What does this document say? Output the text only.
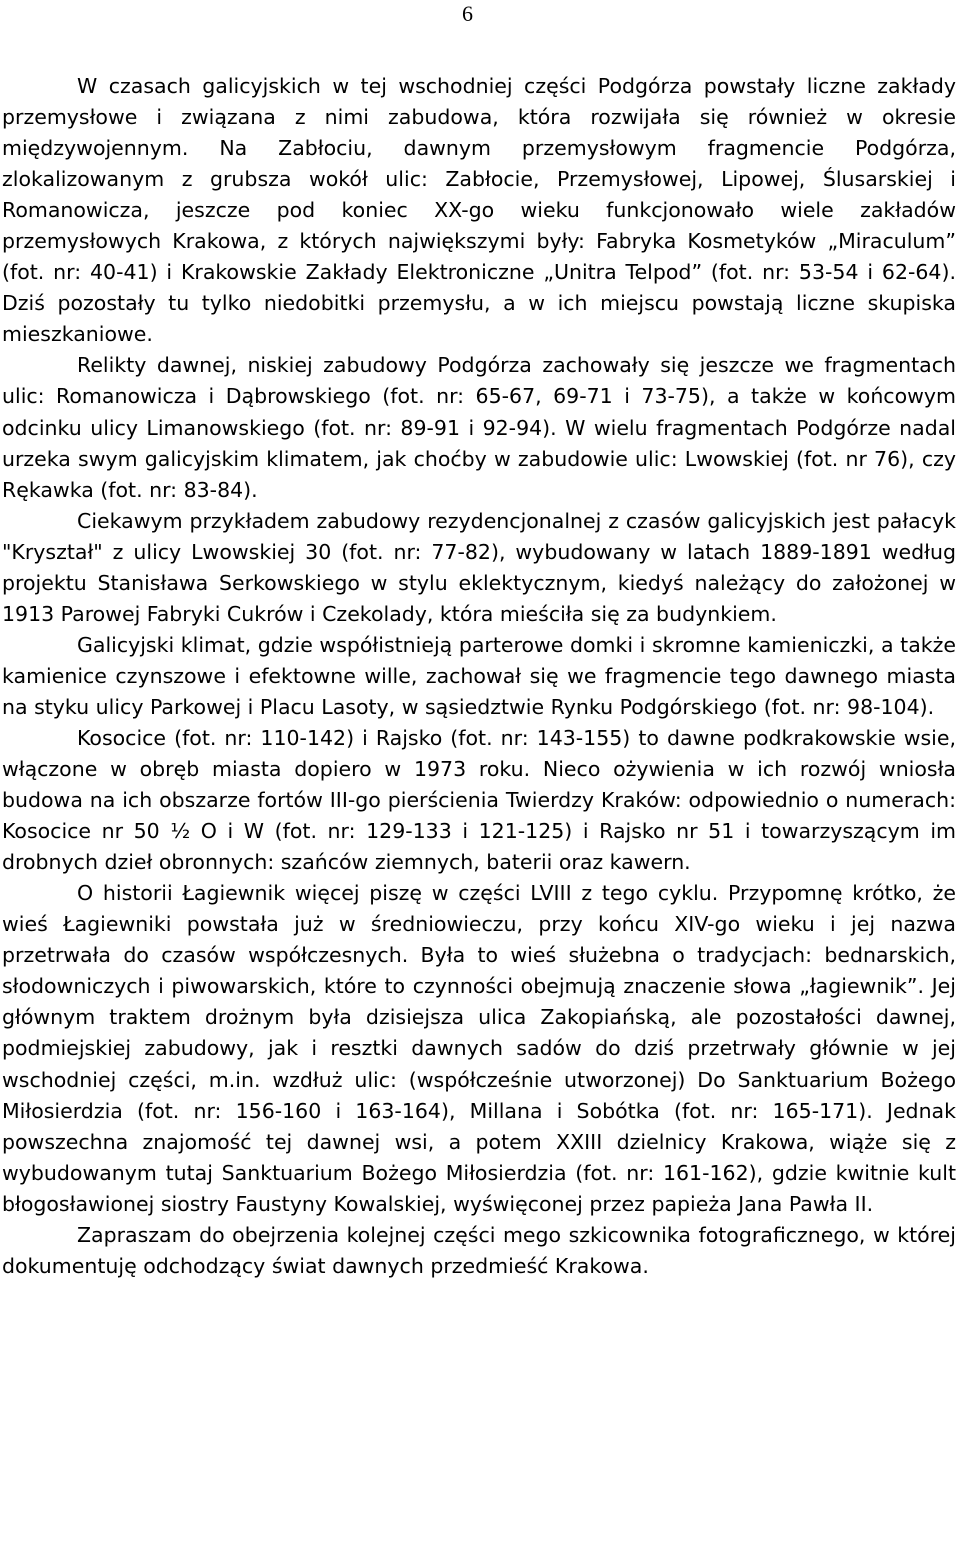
6

W czasach galicyjskich w tej wschodniej części Podgórza powstały liczne zakłady przemysłowe i związana z nimi zabudowa, która rozwijała się również w okresie międzywojennym. Na Zabłociu, dawnym przemysłowym fragmencie Podgórza, zlokalizowanym z grubsza wokół ulic: Zabłocie, Przemysłowej, Lipowej, Ślusarskiej i Romanowicza, jeszcze pod koniec XX-go wieku funkcjonowało wiele zakładów przemysłowych Krakowa, z których największymi były: Fabryka Kosmetyków „Miraculum” (fot. nr: 40-41) i Krakowskie Zakłady Elektroniczne „Unitra Telpod” (fot. nr: 53-54 i 62-64). Dziś pozostały tu tylko niedobitki przemysłu, a w ich miejscu powstają liczne skupiska mieszkaniowe.

Relikty dawnej, niskiej zabudowy Podgórza zachowały się jeszcze we fragmentach ulic: Romanowicza i Dąbrowskiego (fot. nr: 65-67, 69-71 i 73-75), a także w końcowym odcinku ulicy Limanowskiego (fot. nr: 89-91 i 92-94). W wielu fragmentach Podgórze nadal urzeka swym galicyjskim klimatem, jak choćby w zabudowie ulic: Lwowskiej (fot. nr 76), czy Rękawka (fot. nr: 83-84).

Ciekawym przykładem zabudowy rezydencjonalnej z czasów galicyjskich jest pałacyk "Kryształ" z ulicy Lwowskiej 30 (fot. nr: 77-82), wybudowany w latach 1889-1891 według projektu Stanisława Serkowskiego w stylu eklektycznym, kiedyś należący do założonej w 1913 Parowej Fabryki Cukrów i Czekolady, która mieściła się za budynkiem.

Galicyjski klimat, gdzie współistnieją parterowe domki i skromne kamieniczki, a także kamienice czynszowe i efektowne wille, zachował się we fragmencie tego dawnego miasta na styku ulicy Parkowej i Placu Lasoty, w sąsiedztwie Rynku Podgórskiego (fot. nr: 98-104).

Kosocice (fot. nr: 110-142) i Rajsko (fot. nr: 143-155) to dawne podkrakowskie wsie, włączone w obręb miasta dopiero w 1973 roku. Nieco ożywienia w ich rozwój wniosła budowa na ich obszarze fortów III-go pierścienia Twierdzy Kraków: odpowiednio o numerach: Kosocice nr 50 ½ O i W (fot. nr: 129-133 i 121-125) i Rajsko nr 51 i towarzyszącym im drobnych dzieł obronnych: szańców ziemnych, baterii oraz kawern.

O historii Łagiewnik więcej piszę w części LVIII z tego cyklu. Przypomnę krótko, że wieś Łagiewniki powstała już w średniowieczu, przy końcu XIV-go wieku i jej nazwa przetrwała do czasów współczesnych. Była to wieś służebna o tradycjach: bednarskich, słodowniczych i piwowarskich, które to czynności obejmują znaczenie słowa „łagiewnik”. Jej głównym traktem drożnym była dzisiejsza ulica Zakopiańską, ale pozostałości dawnej, podmiejskiej zabudowy, jak i resztki dawnych sadów do dziś przetrwały głównie w jej wschodniej części, m.in. wzdłuż ulic: (współcześnie utworzonej) Do Sanktuarium Bożego Miłosierdzia (fot. nr: 156-160 i 163-164), Millana i Sobótka (fot. nr: 165-171). Jednak powszechna znajomość tej dawnej wsi, a potem XXIII dzielnicy Krakowa, wiąże się z wybudowanym tutaj Sanktuarium Bożego Miłosierdzia (fot. nr: 161-162), gdzie kwitnie kult błogosławionej siostry Faustyny Kowalskiej, wyświęconej przez papieża Jana Pawła II.

Zapraszam do obejrzenia kolejnej części mego szkicownika fotograficznego, w której dokumentuję odchodzący świat dawnych przedmieść Krakowa.
